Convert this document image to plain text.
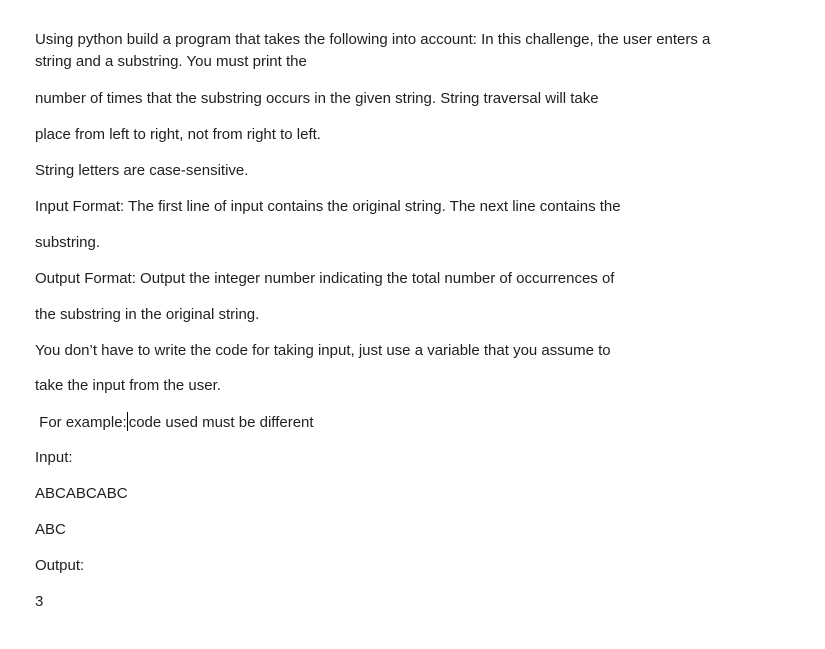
Using python build a program that takes the following into account: In this challenge, the user enters a
string and a substring. You must print the
number of times that the substring occurs in the given string. String traversal will take
place from left to right, not from right to left.
String letters are case-sensitive.
Input Format: The first line of input contains the original string. The next line contains the
substring.
Output Format: Output the integer number indicating the total number of occurrences of
the substring in the original string.
You don’t have to write the code for taking input, just use a variable that you assume to
take the input from the user.
For example: code used must be different
Input:
ABCABCABC
ABC
Output:
3
